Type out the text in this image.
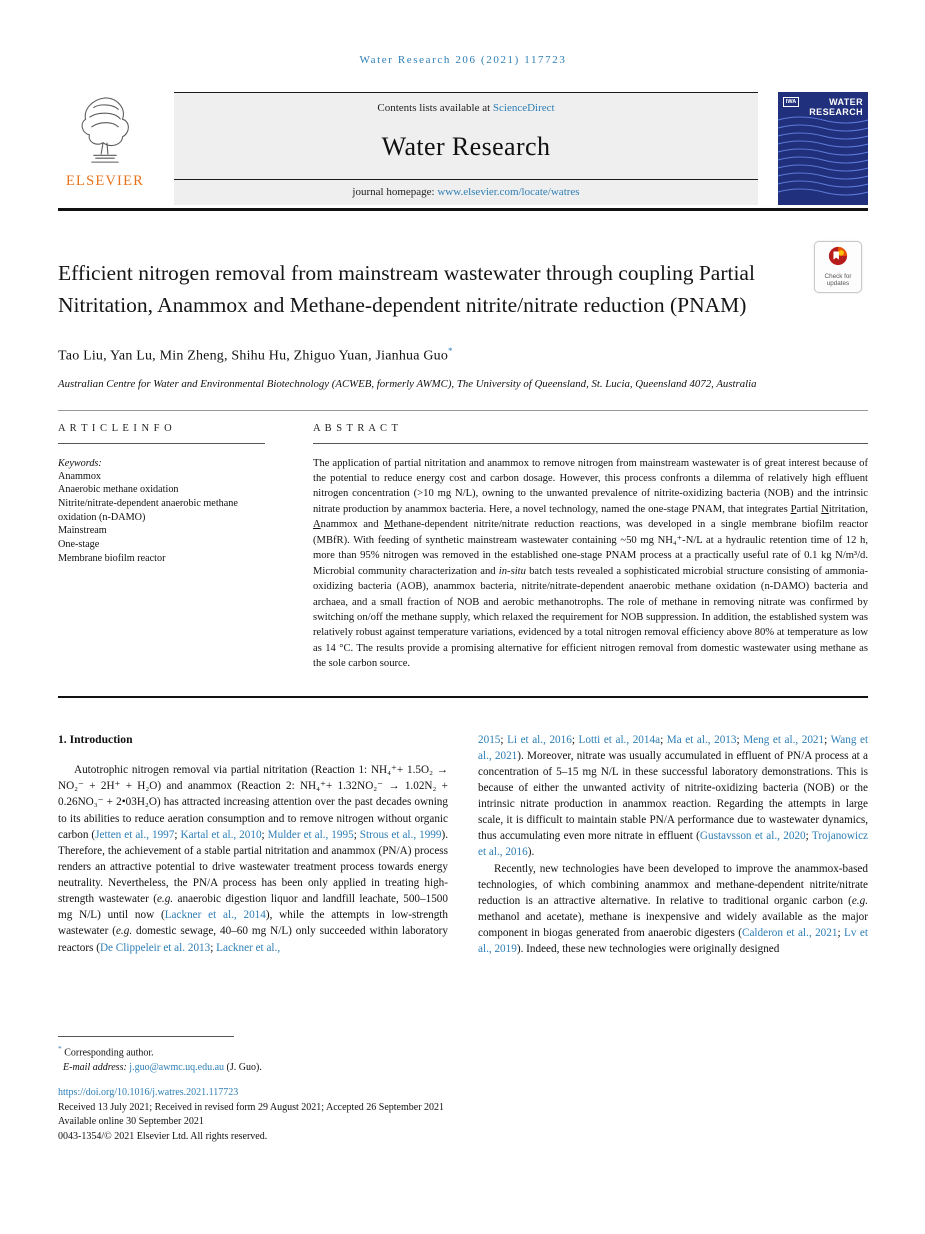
Water Research 206 (2021) 117723
ELSEVIER
Contents lists available at ScienceDirect
Water Research
journal homepage: www.elsevier.com/locate/watres
IWA	WATER
RESEARCH
Efficient nitrogen removal from mainstream wastewater through coupling Partial Nitritation, Anammox and Methane-dependent nitrite/nitrate reduction (PNAM)
Check for
updates
Tao Liu, Yan Lu, Min Zheng, Shihu Hu, Zhiguo Yuan, Jianhua Guo*
Australian Centre for Water and Environmental Biotechnology (ACWEB, formerly AWMC), The University of Queensland, St. Lucia, Queensland 4072, Australia
A R T I C L E I N F O
Keywords:
Anammox
Anaerobic methane oxidation
Nitrite/nitrate-dependent anaerobic methane oxidation (n-DAMO)
Mainstream
One-stage
Membrane biofilm reactor
A B S T R A C T
The application of partial nitritation and anammox to remove nitrogen from mainstream wastewater is of great interest because of the potential to reduce energy cost and carbon dosage. However, this process confronts a dilemma of relatively high effluent nitrogen concentration (>10 mg N/L), owning to the unwanted prevalence of nitrite-oxidizing bacteria (NOB) and the intrinsic nitrate production by anammox bacteria. Here, a novel technology, named the one-stage PNAM, that integrates Partial Nitritation, Anammox and Methane-dependent nitrite/nitrate reduction reactions, was developed in a single membrane biofilm reactor (MBfR). With feeding of synthetic mainstream wastewater containing ~50 mg NH₄⁺-N/L at a hydraulic retention time of 12 h, more than 95% nitrogen was removed in the established one-stage PNAM process at a practically useful rate of 0.1 kg N/m³/d. Microbial community characterization and in-situ batch tests revealed a sophisticated microbial structure consisting of ammonia-oxidizing bacteria (AOB), anammox bacteria, nitrite/nitrate-dependent anaerobic methane oxidation (n-DAMO) bacteria and archaea, and a small fraction of NOB and aerobic methanotrophs. The role of methane in removing nitrate was confirmed by switching on/off the methane supply, which relaxed the requirement for NOB suppression. In addition, the established system was relatively robust against temperature variations, evidenced by a total nitrogen removal efficiency above 80% at temperature as low as 14 °C. The results provide a promising alternative for efficient nitrogen removal from domestic wastewater using methane as the sole carbon source.
1. Introduction

Autotrophic nitrogen removal via partial nitritation (Reaction 1: NH₄⁺+ 1.5O₂ → NO₂⁻ + 2H⁺ + H₂O) and anammox (Reaction 2: NH₄⁺+ 1.32NO₂⁻ → 1.02N₂ + 0.26NO₃⁻ + 2•03H₂O) has attracted increasing attention over the past decades owning to its abilities to reduce aeration consumption and to remove nitrogen without organic carbon (Jetten et al., 1997; Kartal et al., 2010; Mulder et al., 1995; Strous et al., 1999). Therefore, the achievement of a stable partial nitritation and anammox (PN/A) process renders an attractive potential to drive wastewater treatment process towards energy neutrality. Nevertheless, the PN/A process has been only applied in treating high-strength wastewater (e.g. anaerobic digestion liquor and landfill leachate, 500–1500 mg N/L) until now (Lackner et al., 2014), while the attempts in low-strength wastewater (e.g. domestic sewage, 40–60 mg N/L) only succeeded within laboratory reactors (De Clippeleir et al. 2013; Lackner et al.,

2015; Li et al., 2016; Lotti et al., 2014a; Ma et al., 2013; Meng et al., 2021; Wang et al., 2021). Moreover, nitrate was usually accumulated in effluent of PN/A process at a concentration of 5–15 mg N/L in these successful laboratory demonstrations. This is because of either the unwanted activity of nitrite-oxidizing bacteria (NOB) or the intrinsic nitrate production in anammox reaction. Regarding the attempts in large scale, it is difficult to maintain stable PN/A performance due to wastewater dynamics, thus accumulating even more nitrate in effluent (Gustavsson et al., 2020; Trojanowicz et al., 2016).

Recently, new technologies have been developed to improve the anammox-based technologies, of which combining anammox and methane-dependent nitrite/nitrate reduction is an attractive alternative. In relative to traditional organic carbon (e.g. methanol and acetate), methane is inexpensive and widely available as the major component in biogas generated from anaerobic digesters (Calderon et al., 2021; Lv et al., 2019). Indeed, these new technologies were originally designed

* Corresponding author.
E-mail address: j.guo@awmc.uq.edu.au (J. Guo).
https://doi.org/10.1016/j.watres.2021.117723
Received 13 July 2021; Received in revised form 29 August 2021; Accepted 26 September 2021
Available online 30 September 2021
0043-1354/© 2021 Elsevier Ltd. All rights reserved.
